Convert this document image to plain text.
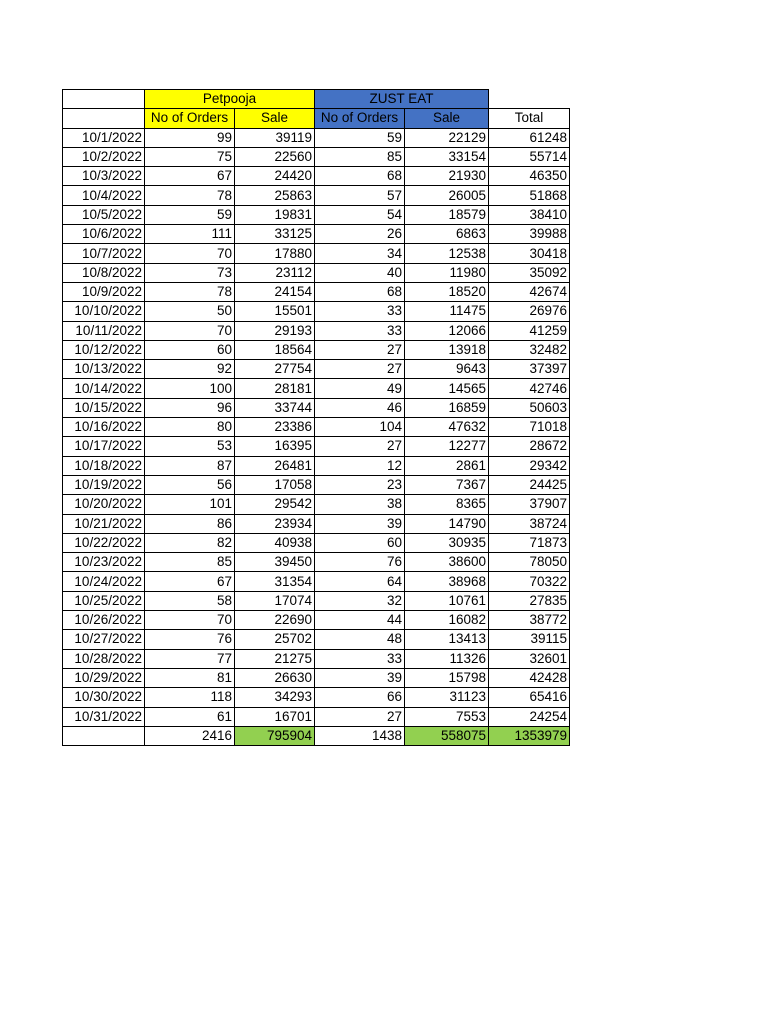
	Petpooja		ZUST EAT		
	No of Orders	Sale	No of Orders	Sale	Total
10/1/2022	99	39119	59	22129	61248
10/2/2022	75	22560	85	33154	55714
10/3/2022	67	24420	68	21930	46350
10/4/2022	78	25863	57	26005	51868
10/5/2022	59	19831	54	18579	38410
10/6/2022	111	33125	26	6863	39988
10/7/2022	70	17880	34	12538	30418
10/8/2022	73	23112	40	11980	35092
10/9/2022	78	24154	68	18520	42674
10/10/2022	50	15501	33	11475	26976
10/11/2022	70	29193	33	12066	41259
10/12/2022	60	18564	27	13918	32482
10/13/2022	92	27754	27	9643	37397
10/14/2022	100	28181	49	14565	42746
10/15/2022	96	33744	46	16859	50603
10/16/2022	80	23386	104	47632	71018
10/17/2022	53	16395	27	12277	28672
10/18/2022	87	26481	12	2861	29342
10/19/2022	56	17058	23	7367	24425
10/20/2022	101	29542	38	8365	37907
10/21/2022	86	23934	39	14790	38724
10/22/2022	82	40938	60	30935	71873
10/23/2022	85	39450	76	38600	78050
10/24/2022	67	31354	64	38968	70322
10/25/2022	58	17074	32	10761	27835
10/26/2022	70	22690	44	16082	38772
10/27/2022	76	25702	48	13413	39115
10/28/2022	77	21275	33	11326	32601
10/29/2022	81	26630	39	15798	42428
10/30/2022	118	34293	66	31123	65416
10/31/2022	61	16701	27	7553	24254
	2416	795904	1438	558075	1353979
